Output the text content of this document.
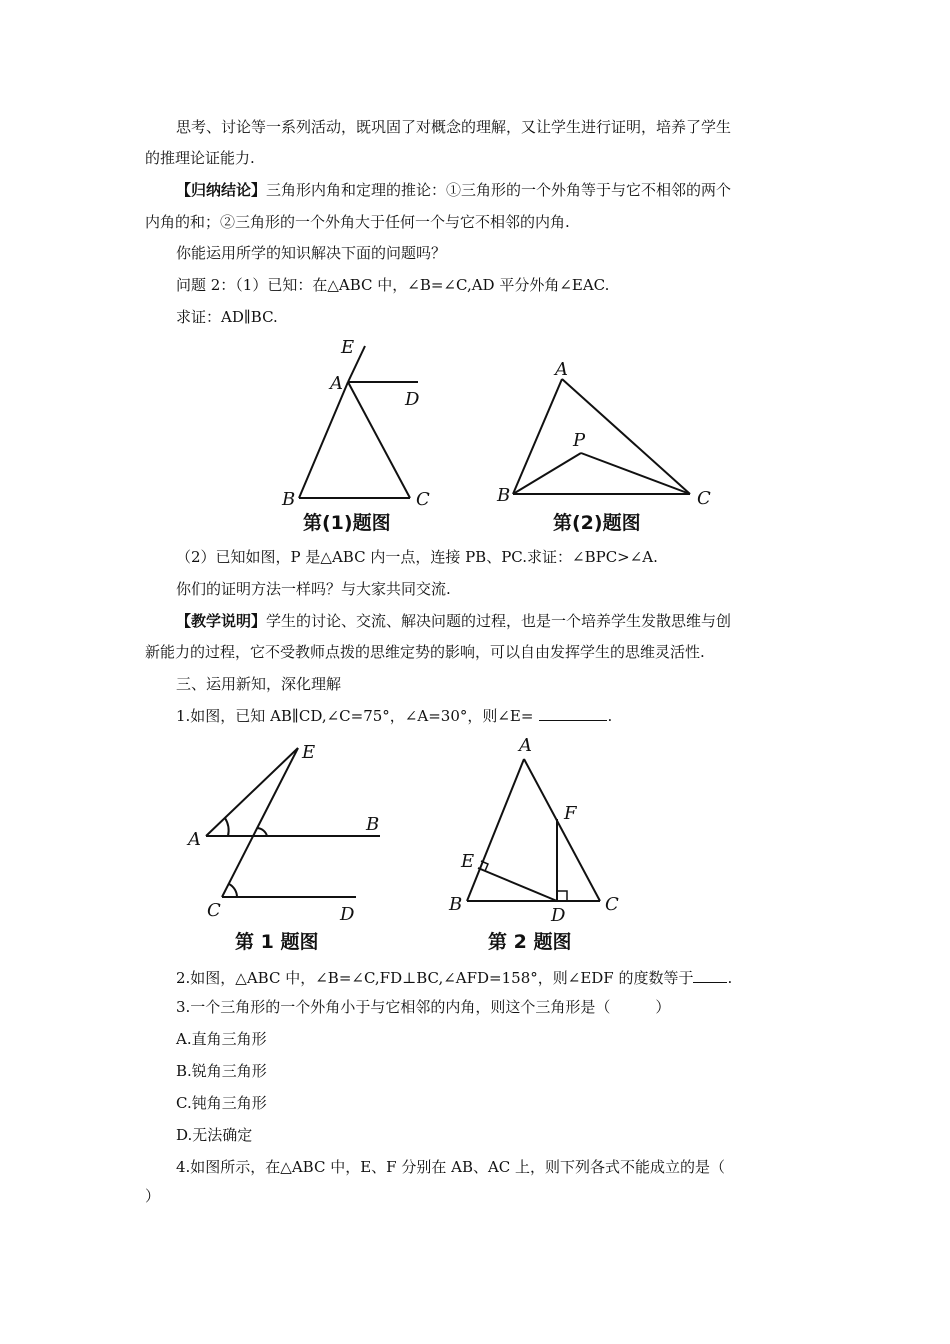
思考、讨论等一系列活动，既巩固了对概念的理解，又让学生进行证明，培养了学生
的推理论证能力.
【归纳结论】三角形内角和定理的推论：①三角形的一个外角等于与它不相邻的两个
内角的和；②三角形的一个外角大于任何一个与它不相邻的内角.
你能运用所学的知识解决下面的问题吗？
问题 2：（1）已知：在△ABC 中，∠B=∠C,AD 平分外角∠EAC.
求证：AD∥BC.
（2）已知如图，P 是△ABC 内一点，连接 PB、PC.求证：∠BPC>∠A.
你们的证明方法一样吗？与大家共同交流.
【教学说明】学生的讨论、交流、解决问题的过程，也是一个培养学生发散思维与创
新能力的过程，它不受教师点拨的思维定势的影响，可以自由发挥学生的思维灵活性.
三、运用新知，深化理解
1.如图，已知 AB∥CD,∠C=75°，∠A=30°，则∠E=	.
2.如图，△ABC 中，∠B=∠C,FD⊥BC,∠AFD=158°，则∠EDF 的度数等于 .
3.一个三角形的一个外角小于与它相邻的内角，则这个三角形是（　　　）
A.直角三角形
B.锐角三角形
C.钝角三角形
D.无法确定
4.如图所示，在△ABC 中，E、F 分别在 AB、AC 上，则下列各式不能成立的是（
）
E
A
D
B	C
第(1)题图
A
P
B	C
第(2)题图
E
A
B
C	D
第 1 题图
A
F
E
B
D
C
第 2 题图
